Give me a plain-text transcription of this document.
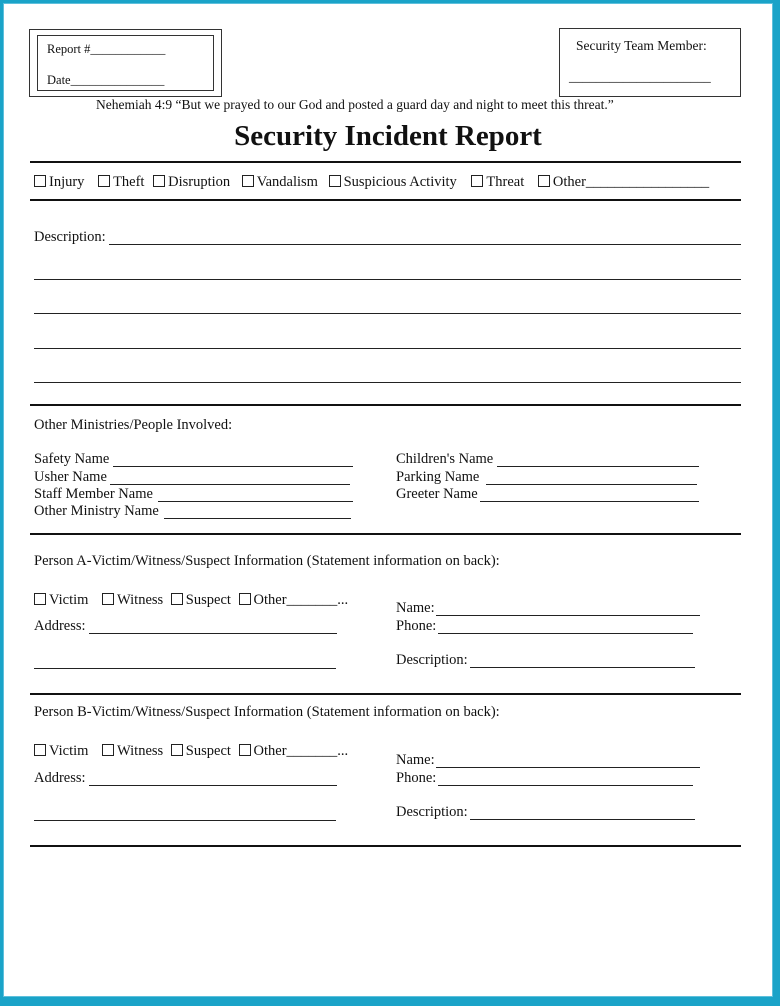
Report #____________
Date_______________
Security Team Member:
_____________________
Nehemiah 4:9 “But we prayed to our God and posted a guard day and night to meet this threat.”
Security Incident Report
Injury Theft Disruption Vandalism Suspicious Activity Threat Other_________________
Description:
Other Ministries/People Involved:
Safety Name
Usher Name
Staff Member Name
Other Ministry Name
Children's Name
Parking Name
Greeter Name
Person A-Victim/Witness/Suspect Information (Statement information on back):
Victim Witness Suspect Other_______...
Address:
Name:
Phone:
Description:
Person B-Victim/Witness/Suspect Information (Statement information on back):
Victim Witness Suspect Other_______...
Address:
Name:
Phone:
Description:
